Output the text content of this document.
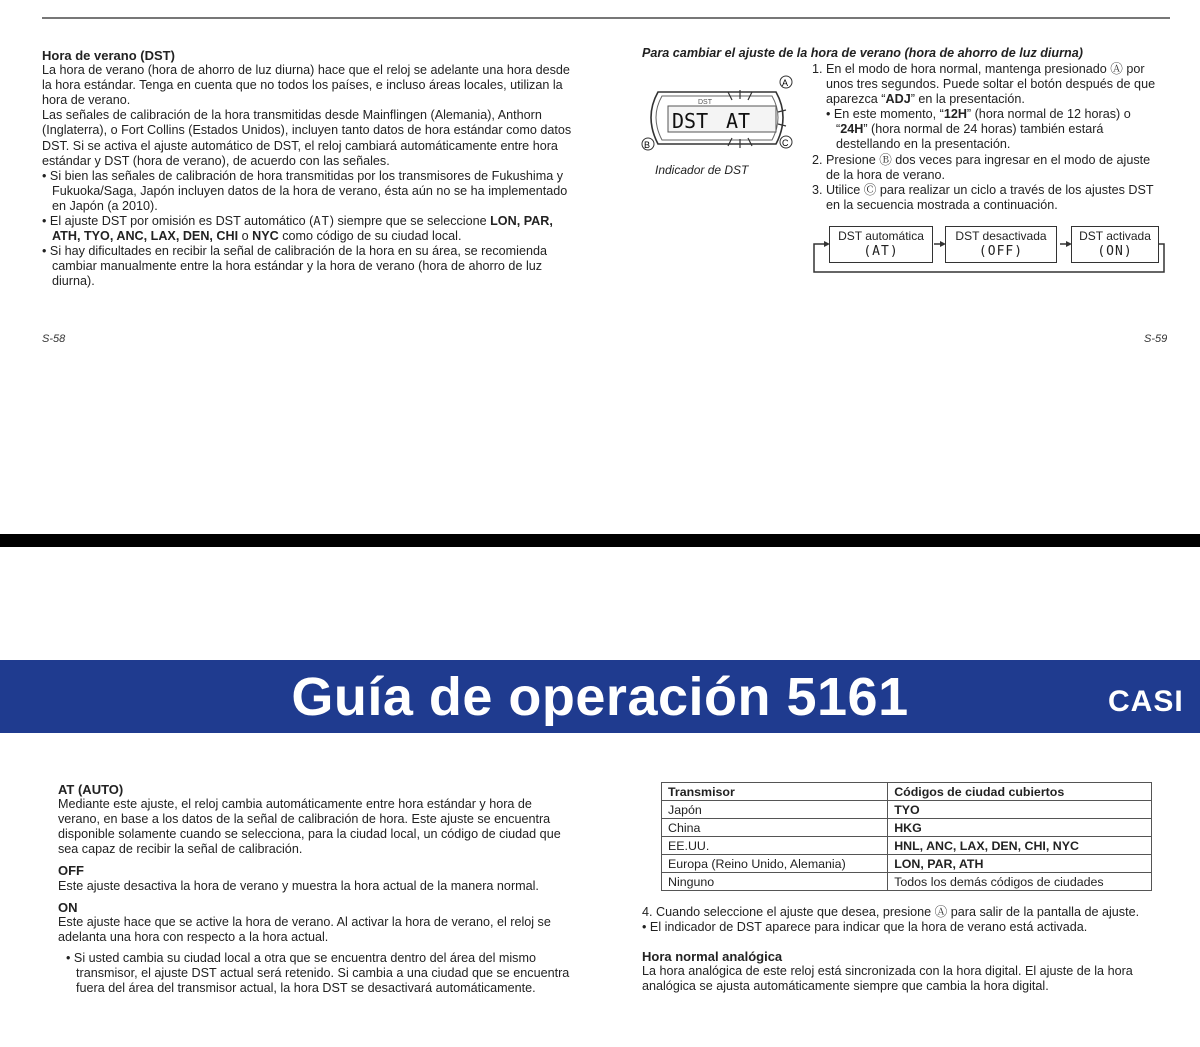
Hora de verano (DST)

La hora de verano (hora de ahorro de luz diurna) hace que el reloj se adelante una hora desde la hora estándar. Tenga en cuenta que no todos los países, e incluso áreas locales, utilizan la hora de verano.

Las señales de calibración de la hora transmitidas desde Mainflingen (Alemania), Anthorn (Inglaterra), o Fort Collins (Estados Unidos), incluyen tanto datos de hora estándar como datos DST. Si se activa el ajuste automático de DST, el reloj cambiará automáticamente entre hora estándar y DST (hora de verano), de acuerdo con las señales.

• Si bien las señales de calibración de hora transmitidas por los transmisores de Fukushima y Fukuoka/Saga, Japón incluyen datos de la hora de verano, ésta aún no se ha implementado en Japón (a 2010).

• El ajuste DST por omisión es DST automático (AT) siempre que se seleccione LON, PAR, ATH, TYO, ANC, LAX, DEN, CHI o NYC como código de su ciudad local.

• Si hay dificultades en recibir la señal de calibración de la hora en su área, se recomienda cambiar manualmente entre la hora estándar y la hora de verano (hora de ahorro de luz diurna).

S-58
Para cambiar el ajuste de la hora de verano (hora de ahorro de luz diurna)
DST
DST AT
A
B	C
Indicador de DST

1. En el modo de hora normal, mantenga presionado Ⓐ por unos tres segundos. Puede soltar el botón después de que aparezca “ADJ” en la presentación.

• En este momento, “12H” (hora normal de 12 horas) o “24H” (hora normal de 24 horas) también estará destellando en la presentación.

2. Presione Ⓑ dos veces para ingresar en el modo de ajuste de la hora de verano.

3. Utilice Ⓒ para realizar un ciclo a través de los ajustes DST en la secuencia mostrada a continuación.

DST automática
(AT)
DST desactivada
(OFF)
DST activada
(ON)
S-59
Guía de operación 5161	CASI

AT (AUTO)

Mediante este ajuste, el reloj cambia automáticamente entre hora estándar y hora de verano, en base a los datos de la señal de calibración de hora. Este ajuste se encuentra disponible solamente cuando se selecciona, para la ciudad local, un código de ciudad que sea capaz de recibir la señal de calibración.

OFF

Este ajuste desactiva la hora de verano y muestra la hora actual de la manera normal.

ON

Este ajuste hace que se active la hora de verano. Al activar la hora de verano, el reloj se adelanta una hora con respecto a la hora actual.

• Si usted cambia su ciudad local a otra que se encuentra dentro del área del mismo transmisor, el ajuste DST actual será retenido. Si cambia a una ciudad que se encuentra fuera del área del transmisor actual, la hora DST se desactivará automáticamente.

Transmisor	Códigos de ciudad cubiertos
Japón	TYO
China	HKG
EE.UU.	HNL, ANC, LAX, DEN, CHI, NYC
Europa (Reino Unido, Alemania)	LON, PAR, ATH
Ninguno	Todos los demás códigos de ciudades

4. Cuando seleccione el ajuste que desea, presione Ⓐ para salir de la pantalla de ajuste.

• El indicador de DST aparece para indicar que la hora de verano está activada.

Hora normal analógica

La hora analógica de este reloj está sincronizada con la hora digital. El ajuste de la hora analógica se ajusta automáticamente siempre que cambia la hora digital.
